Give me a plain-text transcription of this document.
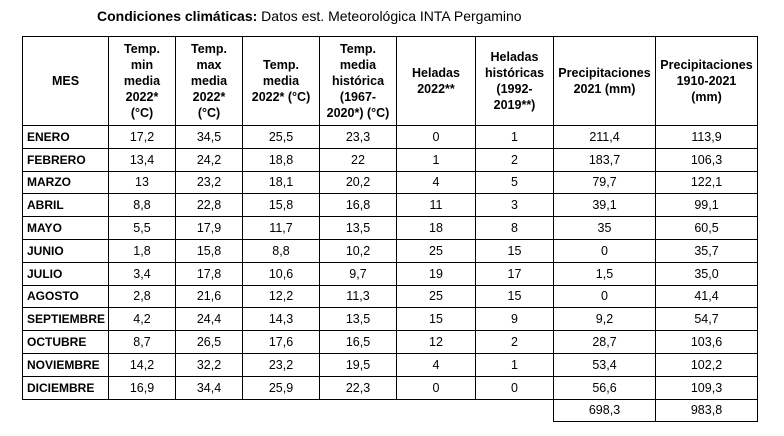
Condiciones climáticas: Datos est. Meteorológica INTA Pergamino
MES	Temp.
min
media
2022*
(°C)	Temp.
max
media
2022*
(°C)	Temp.
media
2022* (°C)	Temp.
media
histórica
(1967-
2020*) (°C)	Heladas
2022**	Heladas
históricas
(1992-
2019**)	Precipitaciones
2021 (mm)	Precipitaciones
1910-2021
(mm)
ENERO	17,2	34,5	25,5	23,3	0	1	211,4	113,9
FEBRERO	13,4	24,2	18,8	22	1	2	183,7	106,3
MARZO	13	23,2	18,1	20,2	4	5	79,7	122,1
ABRIL	8,8	22,8	15,8	16,8	11	3	39,1	99,1
MAYO	5,5	17,9	11,7	13,5	18	8	35	60,5
JUNIO	1,8	15,8	8,8	10,2	25	15	0	35,7
JULIO	3,4	17,8	10,6	9,7	19	17	1,5	35,0
AGOSTO	2,8	21,6	12,2	11,3	25	15	0	41,4
SEPTIEMBRE	4,2	24,4	14,3	13,5	15	9	9,2	54,7
OCTUBRE	8,7	26,5	17,6	16,5	12	2	28,7	103,6
NOVIEMBRE	14,2	32,2	23,2	19,5	4	1	53,4	102,2
DICIEMBRE	16,9	34,4	25,9	22,3	0	0	56,6	109,3
							698,3	983,8
